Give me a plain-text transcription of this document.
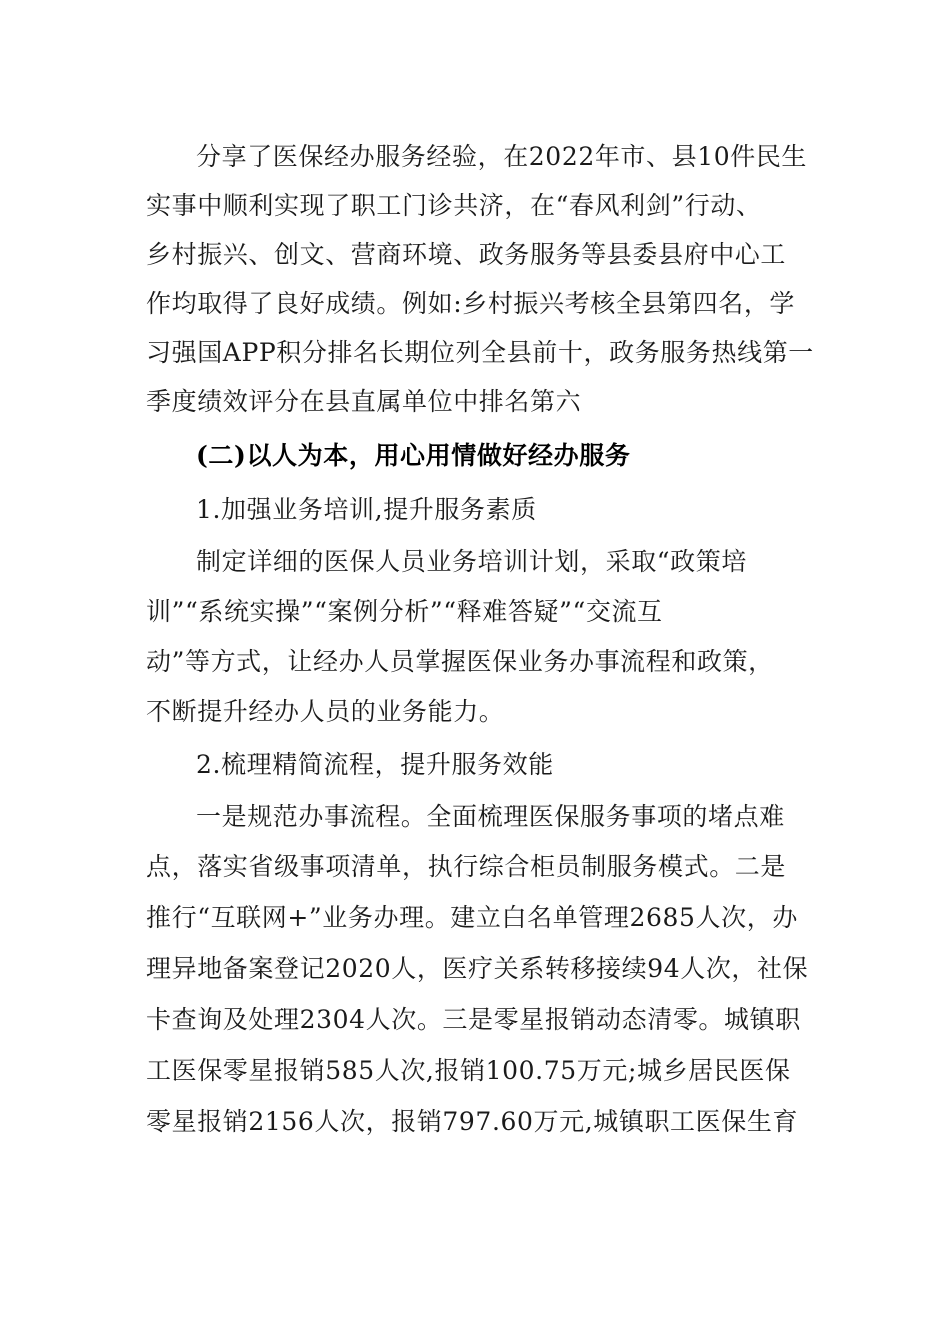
分享了医保经办服务经验，在2022年市、县10件民生
实事中顺利实现了职工门诊共济，在“春风利剑”行动、
乡村振兴、创文、营商环境、政务服务等县委县府中心工
作均取得了良好成绩。例如:乡村振兴考核全县第四名，学
习强国APP积分排名长期位列全县前十，政务服务热线第一
季度绩效评分在县直属单位中排名第六
(二)以人为本，用心用情做好经办服务
1.加强业务培训,提升服务素质
制定详细的医保人员业务培训计划，采取“政策培
训”“系统实操”“案例分析”“释难答疑”“交流互
动”等方式，让经办人员掌握医保业务办事流程和政策，
不断提升经办人员的业务能力。
2.梳理精简流程，提升服务效能
一是规范办事流程。全面梳理医保服务事项的堵点难
点，落实省级事项清单，执行综合柜员制服务模式。二是
推行“互联网+”业务办理。建立白名单管理2685人次，办
理异地备案登记2020人，医疗关系转移接续94人次，社保
卡查询及处理2304人次。三是零星报销动态清零。城镇职
工医保零星报销585人次,报销100.75万元;城乡居民医保
零星报销2156人次，报销797.60万元,城镇职工医保生育
